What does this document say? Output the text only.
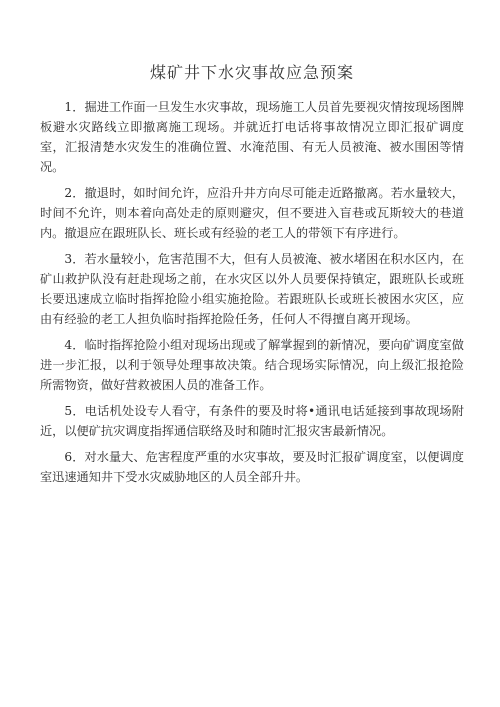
煤矿井下水灾事故应急预案

1．掘进工作面一旦发生水灾事故，现场施工人员首先要视灾情按现场图牌板避水灾路线立即撤离施工现场。并就近打电话将事故情况立即汇报矿调度室，汇报清楚水灾发生的准确位置、水淹范围、有无人员被淹、被水围困等情况。

2．撤退时，如时间允许，应沿升井方向尽可能走近路撤离。若水量较大，时间不允许，则本着向高处走的原则避灾，但不要进入盲巷或瓦斯较大的巷道内。撤退应在跟班队长、班长或有经验的老工人的带领下有序进行。

3．若水量较小，危害范围不大，但有人员被淹、被水堵困在积水区内，在矿山救护队没有赶赴现场之前，在水灾区以外人员要保持镇定，跟班队长或班长要迅速成立临时指挥抢险小组实施抢险。若跟班队长或班长被困水灾区，应由有经验的老工人担负临时指挥抢险任务，任何人不得擅自离开现场。

4．临时指挥抢险小组对现场出现或了解掌握到的新情况，要向矿调度室做进一步汇报，以利于领导处理事故决策。结合现场实际情况，向上级汇报抢险所需物资，做好营救被困人员的准备工作。

5．电话机处设专人看守，有条件的要及时将•通讯电话延接到事故现场附近，以便矿抗灾调度指挥通信联络及时和随时汇报灾害最新情况。

6．对水量大、危害程度严重的水灾事故，要及时汇报矿调度室，以便调度室迅速通知井下受水灾威胁地区的人员全部升井。
